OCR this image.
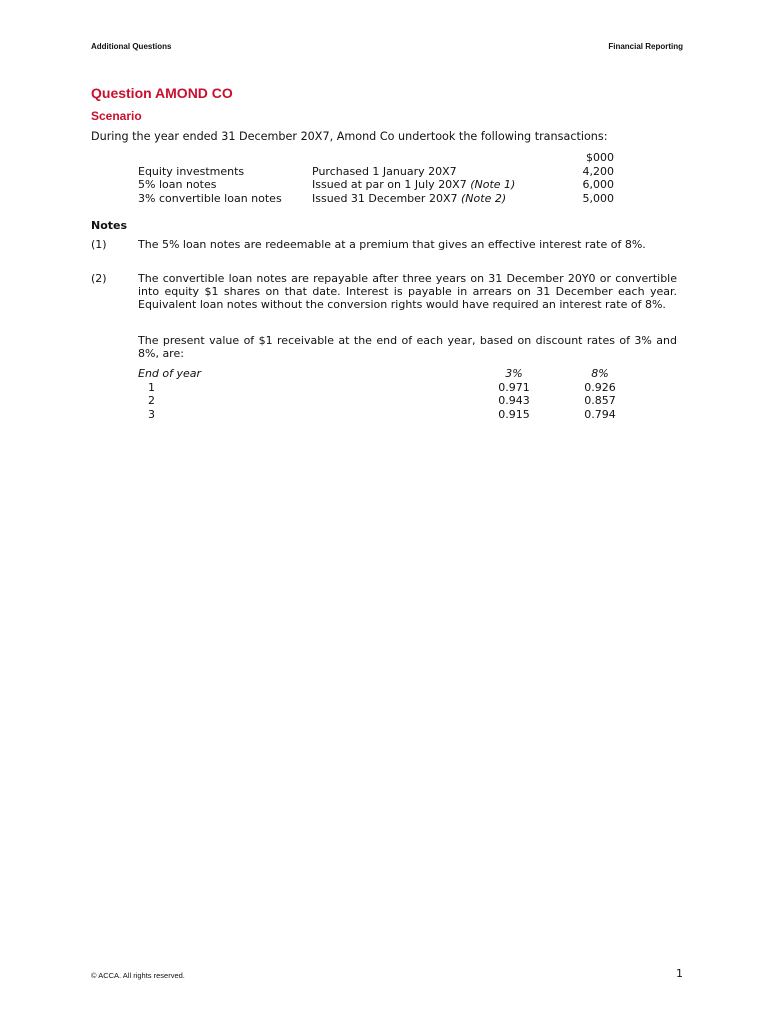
Additional Questions	Financial Reporting
Question AMOND CO
Scenario
During the year ended 31 December 20X7, Amond Co undertook the following transactions:
$000
Equity investments	Purchased 1 January 20X7	4,200
5% loan notes	Issued at par on 1 July 20X7 (Note 1)	6,000
3% convertible loan notes	Issued 31 December 20X7 (Note 2)	5,000
Notes
(1)	The 5% loan notes are redeemable at a premium that gives an effective interest rate of 8%.
(2)	The convertible loan notes are repayable after three years on 31 December 20Y0 or convertible into equity $1 shares on that date. Interest is payable in arrears on 31 December each year. Equivalent loan notes without the conversion rights would have required an interest rate of 8%.
The present value of $1 receivable at the end of each year, based on discount rates of 3% and 8%, are:
End of year	3%	8%
1	0.971	0.926
2	0.943	0.857
3	0.915	0.794
© ACCA. All rights reserved.	1
